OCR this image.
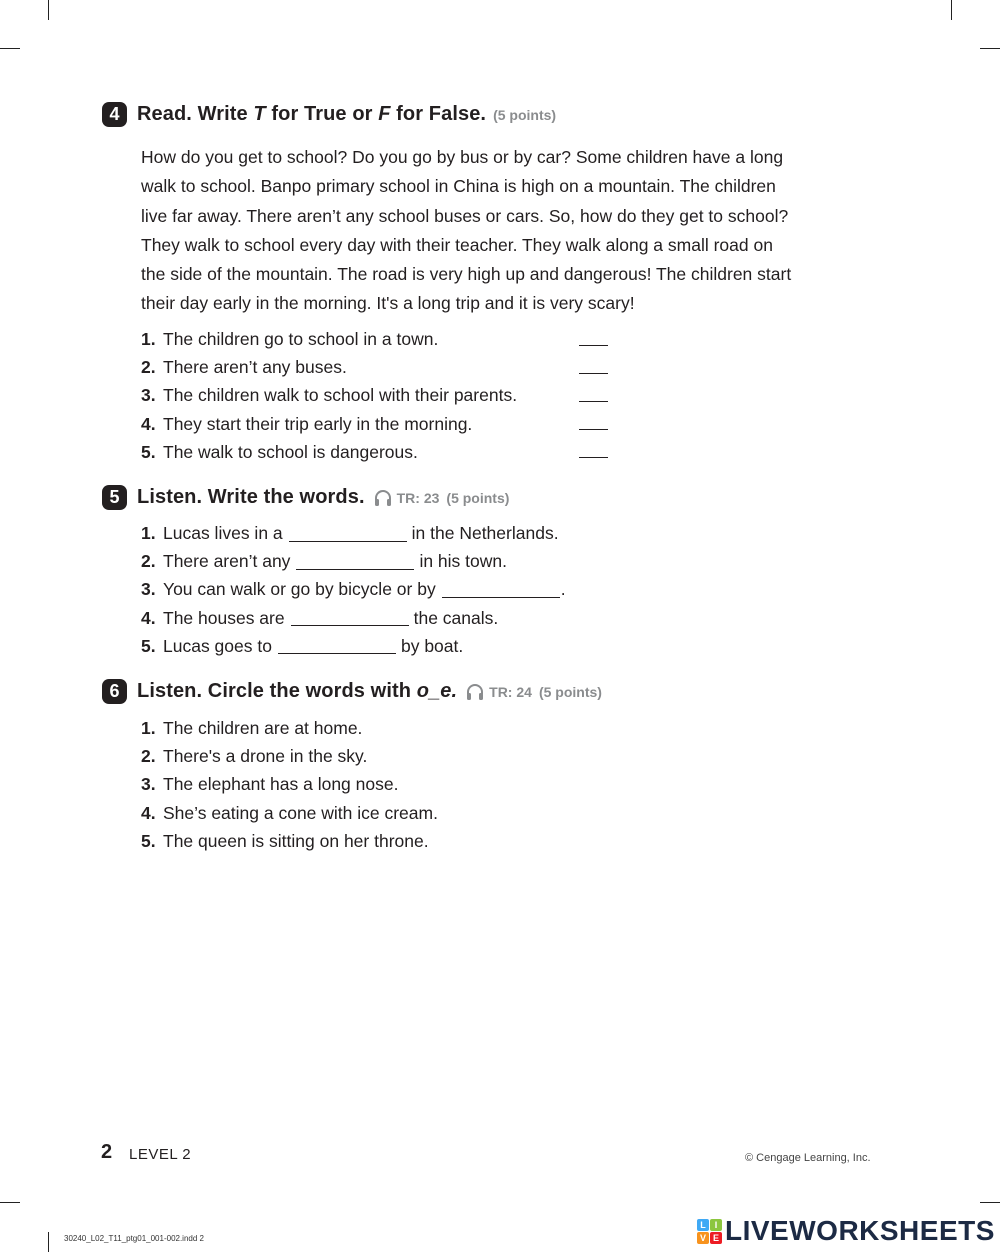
4 Read. Write T for True or F for False. (5 points)
How do you get to school? Do you go by bus or by car? Some children have a long
walk to school. Banpo primary school in China is high on a mountain. The children
live far away. There aren’t any school buses or cars. So, how do they get to school?
They walk to school every day with their teacher. They walk along a small road on
the side of the mountain. The road is very high up and dangerous! The children start
their day early in the morning. It's a long trip and it is very scary!
1. The children go to school in a town.
2. There aren’t any buses.
3. The children walk to school with their parents.
4. They start their trip early in the morning.
5. The walk to school is dangerous.
5 Listen. Write the words. TR: 23 (5 points)
1. Lucas lives in a	in the Netherlands.
2. There aren’t any	in his town.
3. You can walk or go by bicycle or by	.
4. The houses are	the canals.
5. Lucas goes to	by boat.
6 Listen. Circle the words with o_e. TR: 24 (5 points)
1. The children are at home.
2. There's a drone in the sky.
3. The elephant has a long nose.
4. She’s eating a cone with ice cream.
5. The queen is sitting on her throne.
2 LEVEL 2	© Cengage Learning, Inc.
30240_L02_T11_ptg01_001-002.indd 2
L I
V E LIVEWORKSHEETS
